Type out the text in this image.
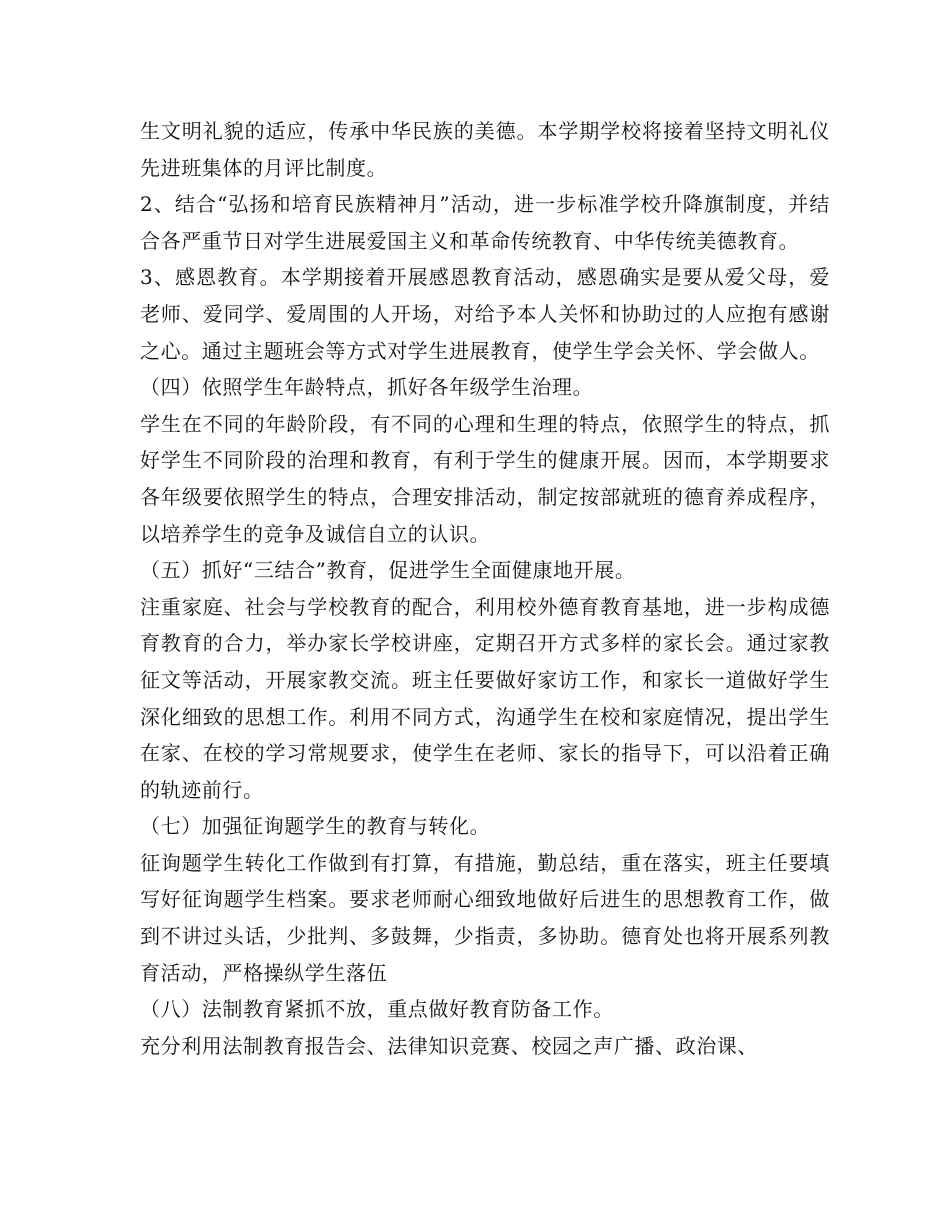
生文明礼貌的适应，传承中华民族的美德。本学期学校将接着坚持文明礼仪先进班集体的月评比制度。

2、结合“弘扬和培育民族精神月”活动，进一步标准学校升降旗制度，并结合各严重节日对学生进展爱国主义和革命传统教育、中华传统美德教育。

3、感恩教育。本学期接着开展感恩教育活动，感恩确实是要从爱父母，爱老师、爱同学、爱周围的人开场，对给予本人关怀和协助过的人应抱有感谢之心。通过主题班会等方式对学生进展教育，使学生学会关怀、学会做人。

（四）依照学生年龄特点，抓好各年级学生治理。

学生在不同的年龄阶段，有不同的心理和生理的特点，依照学生的特点，抓好学生不同阶段的治理和教育，有利于学生的健康开展。因而，本学期要求各年级要依照学生的特点，合理安排活动，制定按部就班的德育养成程序，以培养学生的竞争及诚信自立的认识。

（五）抓好“三结合”教育，促进学生全面健康地开展。

注重家庭、社会与学校教育的配合，利用校外德育教育基地，进一步构成德育教育的合力，举办家长学校讲座，定期召开方式多样的家长会。通过家教征文等活动，开展家教交流。班主任要做好家访工作，和家长一道做好学生深化细致的思想工作。利用不同方式，沟通学生在校和家庭情况，提出学生在家、在校的学习常规要求，使学生在老师、家长的指导下，可以沿着正确的轨迹前行。

（七）加强征询题学生的教育与转化。

征询题学生转化工作做到有打算，有措施，勤总结，重在落实，班主任要填写好征询题学生档案。要求老师耐心细致地做好后进生的思想教育工作，做到不讲过头话，少批判、多鼓舞，少指责，多协助。德育处也将开展系列教育活动，严格操纵学生落伍

（八）法制教育紧抓不放，重点做好教育防备工作。

充分利用法制教育报告会、法律知识竞赛、校园之声广播、政治课、
